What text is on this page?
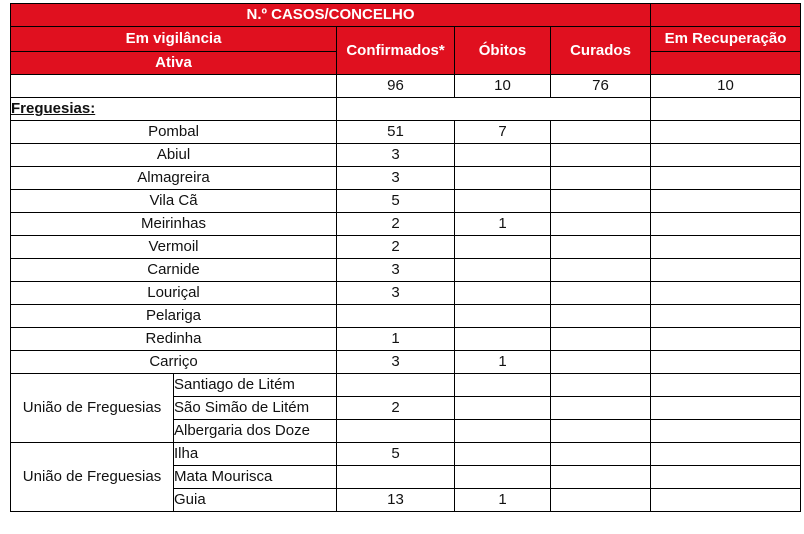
N.º CASOS/CONCELHO					
Em vigilância		Confirmados*	Óbitos	Curados	Em Recuperação
Ativa					
		96	10	76	10
Freguesias:					
Pombal		51	7		
Abiul		3			
Almagreira		3			
Vila Cã		5			
Meirinhas		2	1		
Vermoil		2			
Carnide		3			
Louriçal		3			
Pelariga					
Redinha		1			
Carriço		3	1		
União de Freguesias	Santiago de Litém				
	São Simão de Litém	2			
	Albergaria dos Doze				
União de Freguesias	Ilha	5			
	Mata Mourisca				
	Guia	13	1		
